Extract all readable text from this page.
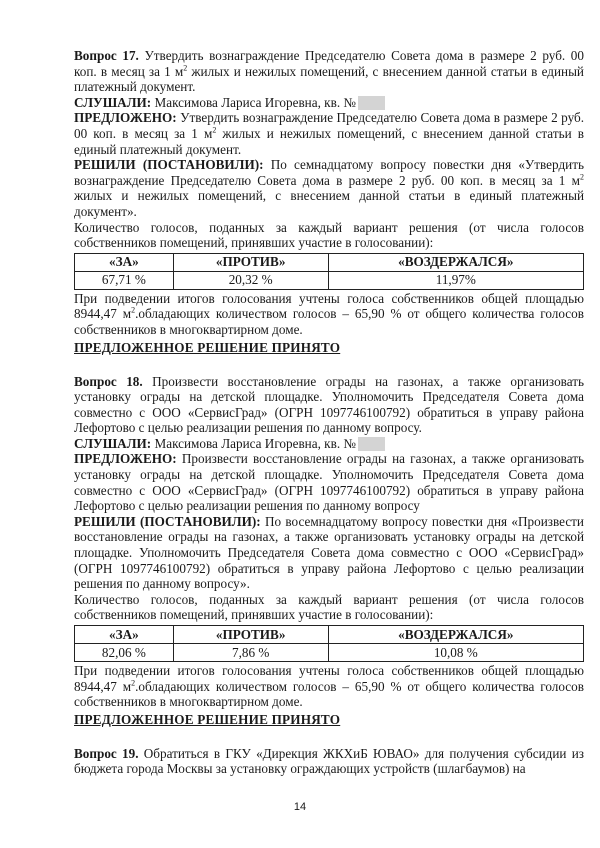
Вопрос 17. Утвердить вознаграждение Председателю Совета дома в размере 2 руб. 00 коп. в месяц за 1 $м^2$ жилых и нежилых помещений, с внесением данной статьи в единый платежный документ.

СЛУШАЛИ: Максимова Лариса Игоревна, кв. №

ПРЕДЛОЖЕНО: Утвердить вознаграждение Председателю Совета дома в размере 2 руб. 00 коп. в месяц за 1 $м^2$ жилых и нежилых помещений, с внесением данной статьи в единый платежный документ.

РЕШИЛИ (ПОСТАНОВИЛИ): По семнадцатому вопросу повестки дня «Утвердить вознаграждение Председателю Совета дома в размере 2 руб. 00 коп. в месяц за 1 $м^2$ жилых и нежилых помещений, с внесением данной статьи в единый платежный документ».

Количество голосов, поданных за каждый вариант решения (от числа голосов собственников помещений, принявших участие в голосовании):

«ЗА»	«ПРОТИВ»	«ВОЗДЕРЖАЛСЯ»
67,71 %	20,32 %	11,97%

При подведении итогов голосования учтены голоса собственников общей площадью 8944,47 $м^2.обладающих$ количеством голосов – 65,90 % от общего количества голосов собственников в многоквартирном доме.

ПРЕДЛОЖЕННОЕ РЕШЕНИЕ ПРИНЯТО

Вопрос 18. Произвести восстановление ограды на газонах, а также организовать установку ограды на детской площадке. Уполномочить Председателя Совета дома совместно с ООО «СервисГрад» (ОГРН 1097746100792) обратиться в управу района Лефортово с целью реализации решения по данному вопросу.

СЛУШАЛИ: Максимова Лариса Игоревна, кв. №

ПРЕДЛОЖЕНО: Произвести восстановление ограды на газонах, а также организовать установку ограды на детской площадке. Уполномочить Председателя Совета дома совместно с ООО «СервисГрад» (ОГРН 1097746100792) обратиться в управу района Лефортово с целью реализации решения по данному вопросу

РЕШИЛИ (ПОСТАНОВИЛИ): По восемнадцатому вопросу повестки дня «Произвести восстановление ограды на газонах, а также организовать установку ограды на детской площадке. Уполномочить Председателя Совета дома совместно с ООО «СервисГрад» (ОГРН 1097746100792) обратиться в управу района Лефортово с целью реализации решения по данному вопросу».

Количество голосов, поданных за каждый вариант решения (от числа голосов собственников помещений, принявших участие в голосовании):

«ЗА»	«ПРОТИВ»	«ВОЗДЕРЖАЛСЯ»
82,06 %	7,86 %	10,08 %

При подведении итогов голосования учтены голоса собственников общей площадью 8944,47 $м^2.обладающих$ количеством голосов – 65,90 % от общего количества голосов собственников в многоквартирном доме.

ПРЕДЛОЖЕННОЕ РЕШЕНИЕ ПРИНЯТО

Вопрос 19. Обратиться в ГКУ «Дирекция ЖКХиБ ЮВАО» для получения субсидии из бюджета города Москвы за установку ограждающих устройств (шлагбаумов) на

14
